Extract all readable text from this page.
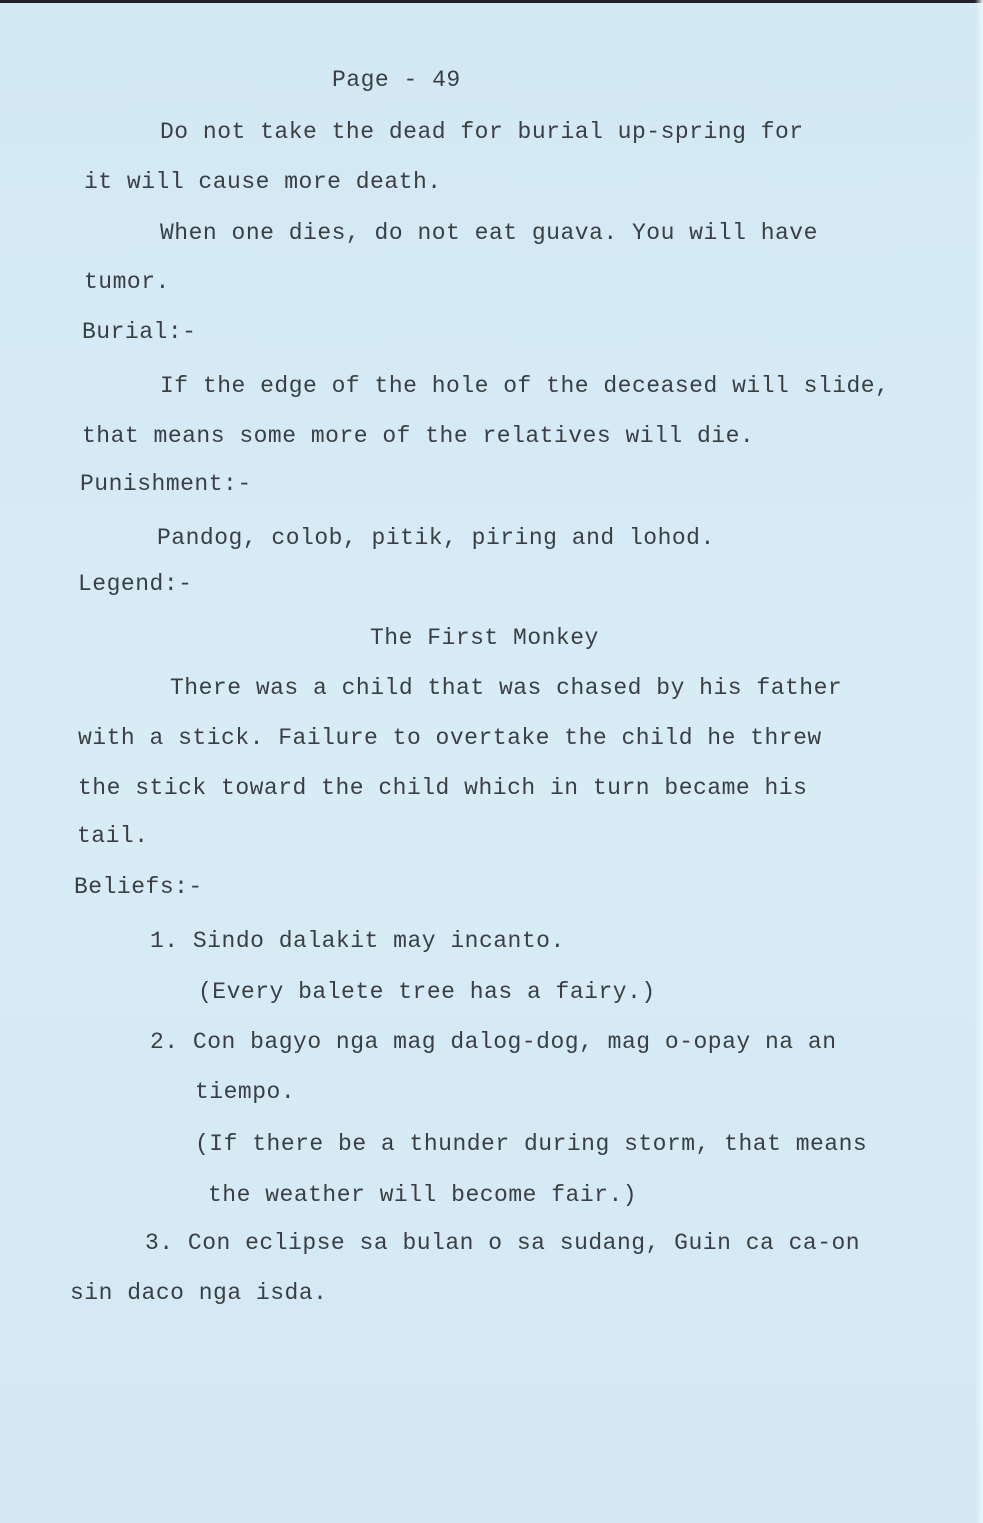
Page - 49

Do not take the dead for burial up-spring for

it will cause more death.

When one dies, do not eat guava. You will have

tumor.

Burial:-

If the edge of the hole of the deceased will slide,

that means some more of the relatives will die.

Punishment:-

Pandog, colob, pitik, piring and lohod.

Legend:-

The First Monkey

There was a child that was chased by his father

with a stick. Failure to overtake the child he threw

the stick toward the child which in turn became his

tail.

Beliefs:-

1. Sindo dalakit may incanto.

(Every balete tree has a fairy.)

2. Con bagyo nga mag dalog-dog, mag o-opay na an

tiempo.

(If there be a thunder during storm, that means

the weather will become fair.)

3. Con eclipse sa bulan o sa sudang, Guin ca ca-on

sin daco nga isda.
